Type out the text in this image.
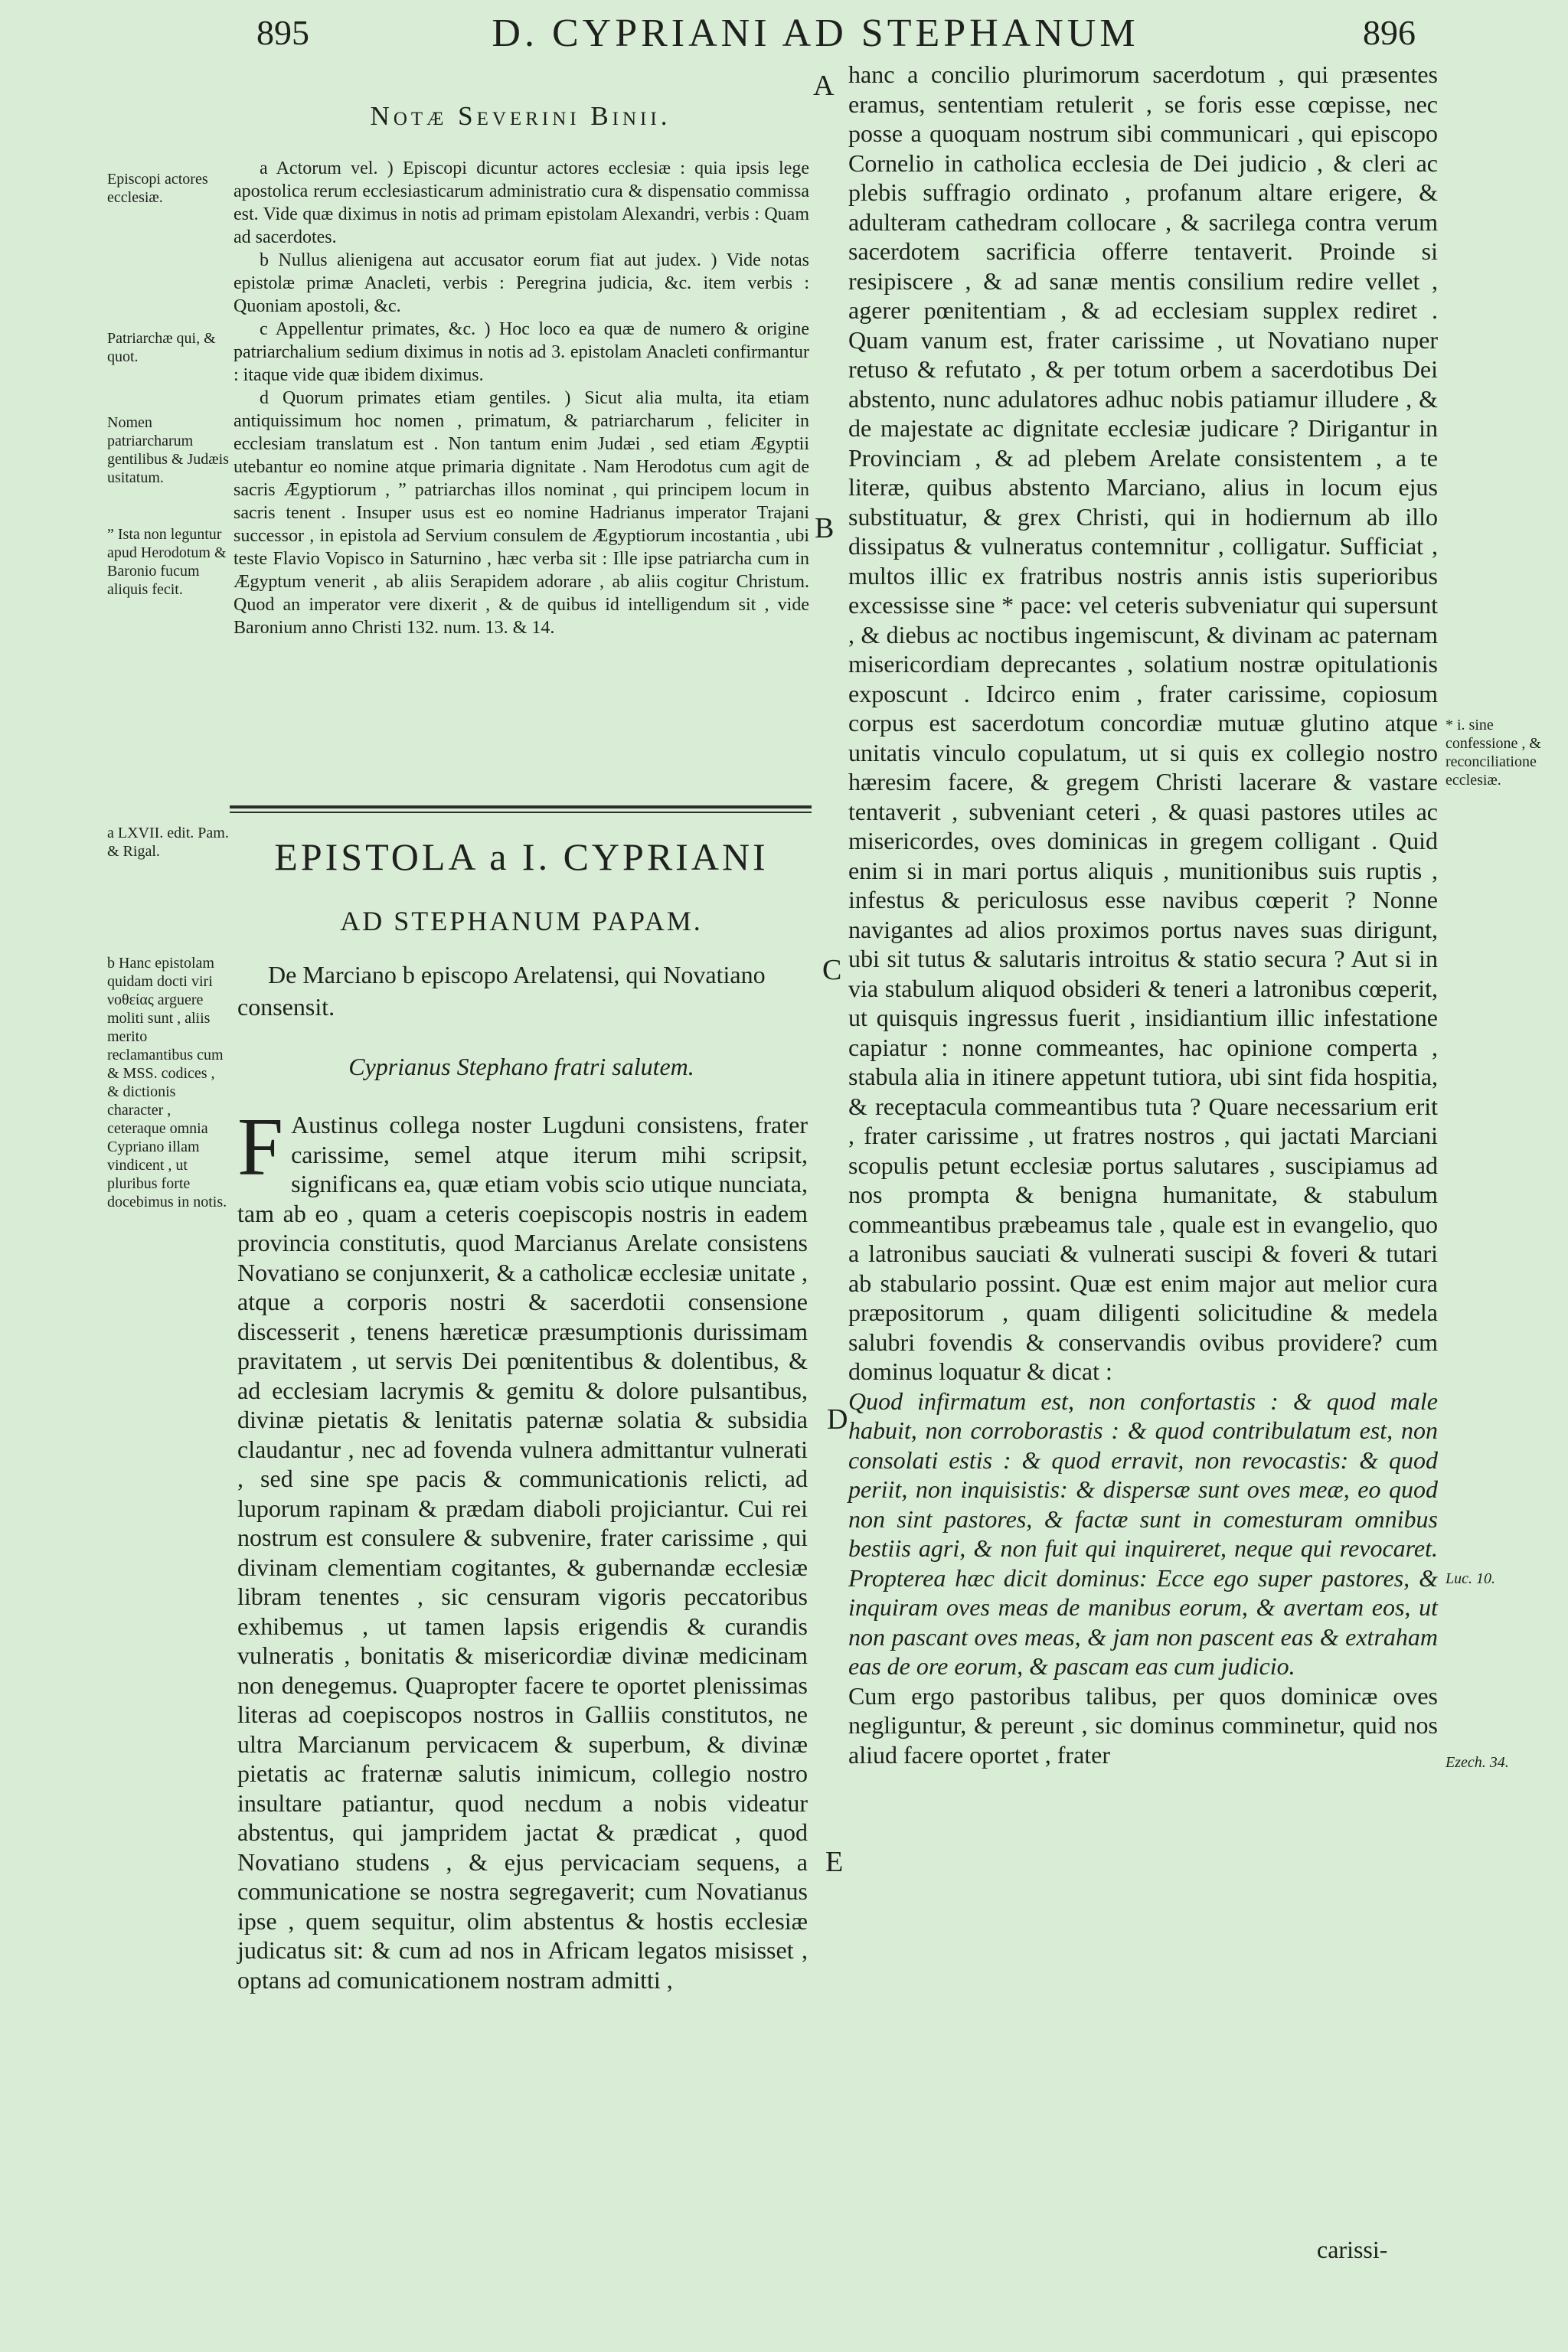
895	D. CYPRIANI AD STEPHANUM	896
Notæ Severini Binii.

a Actorum vel. ) Episcopi dicuntur actores ecclesiæ : quia ipsis lege apostolica rerum ecclesiasticarum administratio cura & dispensatio commissa est. Vide quæ diximus in notis ad primam epistolam Alexandri, verbis : Quam ad sacerdotes.

b Nullus alienigena aut accusator eorum fiat aut judex. ) Vide notas epistolæ primæ Anacleti, verbis : Peregrina judicia, &c. item verbis : Quoniam apostoli, &c.

c Appellentur primates, &c. ) Hoc loco ea quæ de numero & origine patriarchalium sedium diximus in notis ad 3. epistolam Anacleti confirmantur : itaque vide quæ ibidem diximus.

d Quorum primates etiam gentiles. ) Sicut alia multa, ita etiam antiquissimum hoc nomen , primatum, & patriarcharum , feliciter in ecclesiam translatum est . Non tantum enim Judæi , sed etiam Ægyptii utebantur eo nomine atque primaria dignitate . Nam Herodotus cum agit de sacris Ægyptiorum , ” patriarchas illos nominat , qui principem locum in sacris tenent . Insuper usus est eo nomine Hadrianus imperator Trajani successor , in epistola ad Servium consulem de Ægyptiorum incostantia , ubi teste Flavio Vopisco in Saturnino , hæc verba sit : Ille ipse patriarcha cum in Ægyptum venerit , ab aliis Serapidem adorare , ab aliis cogitur Christum. Quod an imperator vere dixerit , & de quibus id intelligendum sit , vide Baronium anno Christi 132. num. 13. & 14.

Episcopi actores ecclesiæ.

Patriarchæ qui, & quot.

Nomen patriarcharum gentilibus & Judæis usitatum.

” Ista non leguntur apud Herodotum & Baronio fucum aliquis fecit.

a LXVII. edit. Pam. & Rigal.

b Hanc epistolam quidam docti viri νοθείας arguere moliti sunt , aliis merito reclamantibus cum & MSS. codices , & dictionis character , ceteraque omnia Cypriano illam vindicent , ut pluribus forte docebimus in notis.

* i. sine confessione , & reconciliatione ecclesiæ.

Luc. 10.

Ezech. 34.

A
B
C
D
E
EPISTOLA a I. CYPRIANI
AD STEPHANUM PAPAM.
De Marciano b episcopo Arelatensi, qui Novatiano consensit.
Cyprianus Stephano fratri salutem.
F Austinus collega noster Lugduni consistens, frater carissime, semel atque iterum mihi scripsit, significans ea, quæ etiam vobis scio utique nunciata, tam ab eo , quam a ceteris coepiscopis nostris in eadem provincia constitutis, quod Marcianus Arelate consistens Novatiano se conjunxerit, & a catholicæ ecclesiæ unitate , atque a corporis nostri & sacerdotii consensione discesserit , tenens hæreticæ præsumptionis durissimam pravitatem , ut servis Dei pœnitentibus & dolentibus, & ad ecclesiam lacrymis & gemitu & dolore pulsantibus, divinæ pietatis & lenitatis paternæ solatia & subsidia claudantur , nec ad fovenda vulnera admittantur vulnerati , sed sine spe pacis & communicationis relicti, ad luporum rapinam & prædam diaboli projiciantur. Cui rei nostrum est consulere & subvenire, frater carissime , qui divinam clementiam cogitantes, & gubernandæ ecclesiæ libram tenentes , sic censuram vigoris peccatoribus exhibemus , ut tamen lapsis erigendis & curandis vulneratis , bonitatis & misericordiæ divinæ medicinam non denegemus. Quapropter facere te oportet plenissimas literas ad coepiscopos nostros in Galliis constitutos, ne ultra Marcianum pervicacem & superbum, & divinæ pietatis ac fraternæ salutis inimicum, collegio nostro insultare patiantur, quod necdum a nobis videatur abstentus, qui jampridem jactat & prædicat , quod Novatiano studens , & ejus pervicaciam sequens, a communicatione se nostra segregaverit; cum Novatianus ipse , quem sequitur, olim abstentus & hostis ecclesiæ judicatus sit: & cum ad nos in Africam legatos misisset , optans ad comunicationem nostram admitti ,

hanc a concilio plurimorum sacerdotum , qui præsentes eramus, sententiam retulerit , se foris esse cœpisse, nec posse a quoquam nostrum sibi communicari , qui episcopo Cornelio in catholica ecclesia de Dei judicio , & cleri ac plebis suffragio ordinato , profanum altare erigere, & adulteram cathedram collocare , & sacrilega contra verum sacerdotem sacrificia offerre tentaverit. Proinde si resipiscere , & ad sanæ mentis consilium redire vellet , agerer pœnitentiam , & ad ecclesiam supplex rediret . Quam vanum est, frater carissime , ut Novatiano nuper retuso & refutato , & per totum orbem a sacerdotibus Dei abstento, nunc adulatores adhuc nobis patiamur illudere , & de majestate ac dignitate ecclesiæ judicare ? Dirigantur in Provinciam , & ad plebem Arelate consistentem , a te literæ, quibus abstento Marciano, alius in locum ejus substituatur, & grex Christi, qui in hodiernum ab illo dissipatus & vulneratus contemnitur , colligatur. Sufficiat , multos illic ex fratribus nostris annis istis superioribus excessisse sine * pace: vel ceteris subveniatur qui supersunt , & diebus ac noctibus ingemiscunt, & divinam ac paternam misericordiam deprecantes , solatium nostræ opitulationis exposcunt . Idcirco enim , frater carissime, copiosum corpus est sacerdotum concordiæ mutuæ glutino atque unitatis vinculo copulatum, ut si quis ex collegio nostro hæresim facere, & gregem Christi lacerare & vastare tentaverit , subveniant ceteri , & quasi pastores utiles ac misericordes, oves dominicas in gregem colligant . Quid enim si in mari portus aliquis , munitionibus suis ruptis , infestus & periculosus esse navibus cœperit ? Nonne navigantes ad alios proximos portus naves suas dirigunt, ubi sit tutus & salutaris introitus & statio secura ? Aut si in via stabulum aliquod obsideri & teneri a latronibus cœperit, ut quisquis ingressus fuerit , insidiantium illic infestatione capiatur : nonne commeantes, hac opinione comperta , stabula alia in itinere appetunt tutiora, ubi sint fida hospitia, & receptacula commeantibus tuta ? Quare necessarium erit , frater carissime , ut fratres nostros , qui jactati Marciani scopulis petunt ecclesiæ portus salutares , suscipiamus ad nos prompta & benigna humanitate, & stabulum commeantibus præbeamus tale , quale est in evangelio, quo a latronibus sauciati & vulnerati suscipi & foveri & tutari ab stabulario possint. Quæ est enim major aut melior cura præpositorum , quam diligenti solicitudine & medela salubri fovendis & conservandis ovibus providere? cum dominus loquatur & dicat :

Quod infirmatum est, non confortastis : & quod male habuit, non corroborastis : & quod contribulatum est, non consolati estis : & quod erravit, non revocastis: & quod periit, non inquisistis: & dispersæ sunt oves meæ, eo quod non sint pastores, & factæ sunt in comesturam omnibus bestiis agri, & non fuit qui inquireret, neque qui revocaret. Propterea hæc dicit dominus: Ecce ego super pastores, & inquiram oves meas de manibus eorum, & avertam eos, ut non pascant oves meas, & jam non pascent eas & extraham eas de ore eorum, & pascam eas cum judicio.

Cum ergo pastoribus talibus, per quos dominicæ oves negliguntur, & pereunt , sic dominus comminetur, quid nos aliud facere oportet , frater

carissi-
